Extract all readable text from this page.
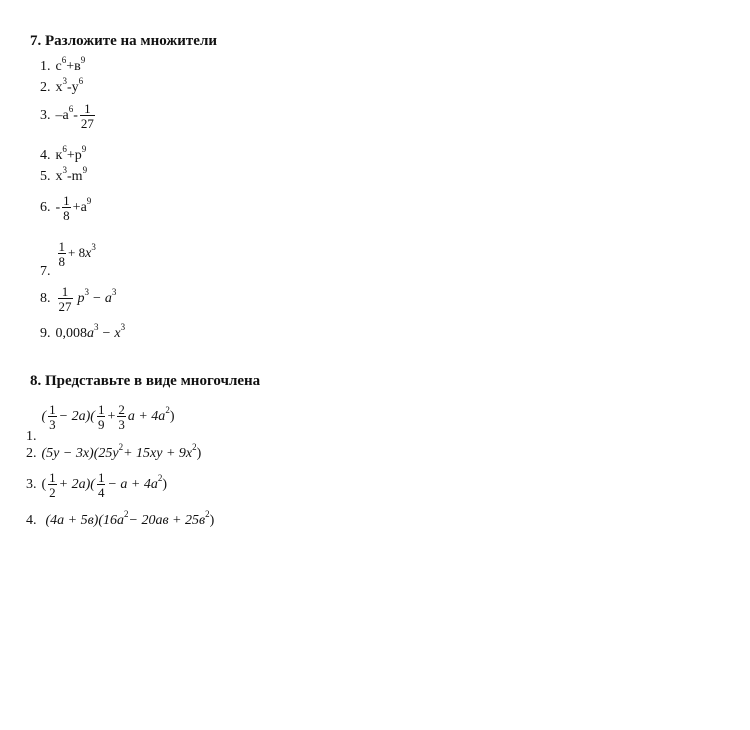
7. Разложите на множители
1. $c^6+в^9$
2. $x^3-y^6$
3. $-a^6- \frac{1}{27}$
4. $к^6+p^9$
5. $x^3-m^9$
6. - $\frac{1}{8} +a^9$
7.
$\frac{1}{8} + 8x^3$
8. $\frac{1}{27} p^3 - a^3$
9. $0,008a^3 - x^3$
8. Представьте в виде многочлена
$1.( \frac{1}{3} - 2a)( \frac{1}{9} + \frac{2}{3}$ $a + 4a^2$)
2. $(5y - 3x)(25y^2+ 15xy + 9x^2)$
3. ( $\frac{1}{2} + 2a)( \frac{1}{4} - a + 4a^2)$
4. $(4a + 5в)(16a^2- 20aв + 25в^2)$
